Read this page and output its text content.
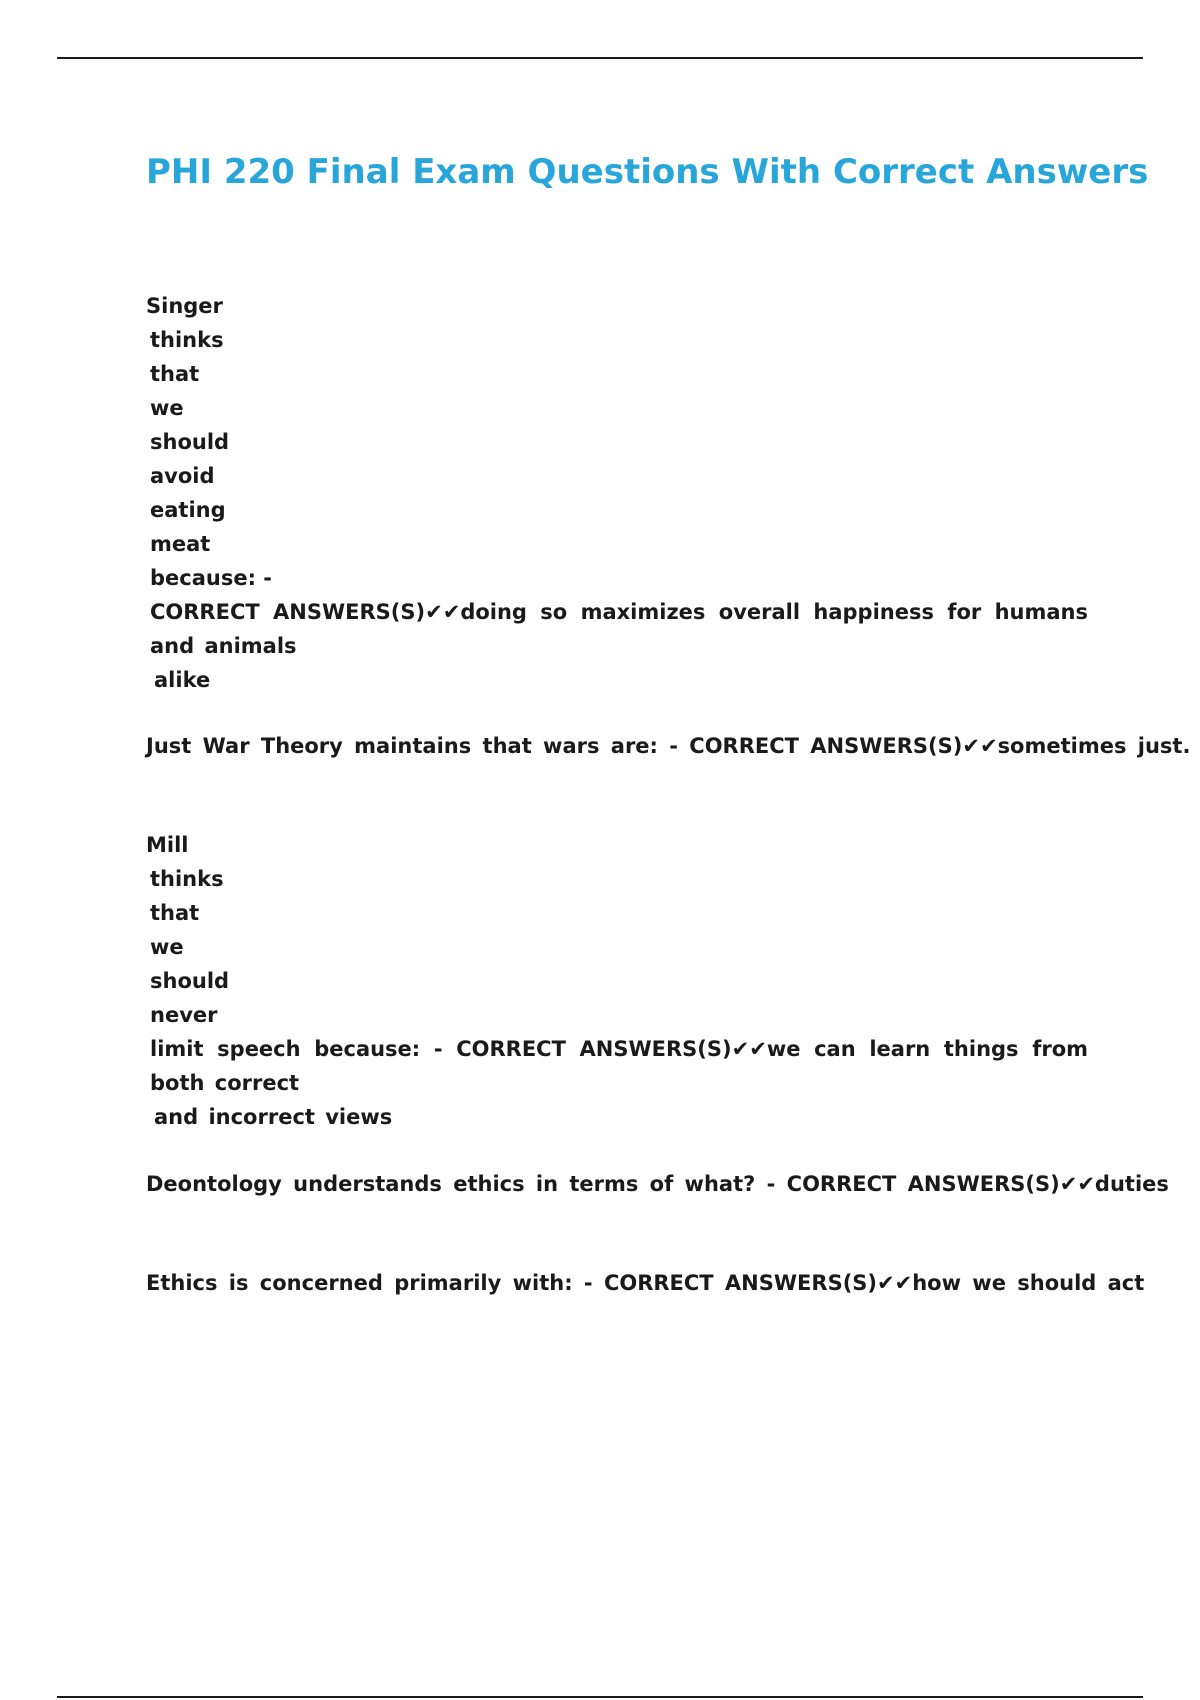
PHI 220 Final Exam Questions With Correct Answers
Singer
thinks
that
we
should
avoid
eating
meat
because: -
CORRECT ANSWERS(S)✔✔doing so maximizes overall happiness for humans and animals
alike
Just War Theory maintains that wars are: - CORRECT ANSWERS(S)✔✔sometimes just.
Mill
thinks
that
we
should
never
limit speech because: - CORRECT ANSWERS(S)✔✔we can learn things from both correct
and incorrect views
Deontology understands ethics in terms of what? - CORRECT ANSWERS(S)✔✔duties
Ethics is concerned primarily with: - CORRECT ANSWERS(S)✔✔how we should act
